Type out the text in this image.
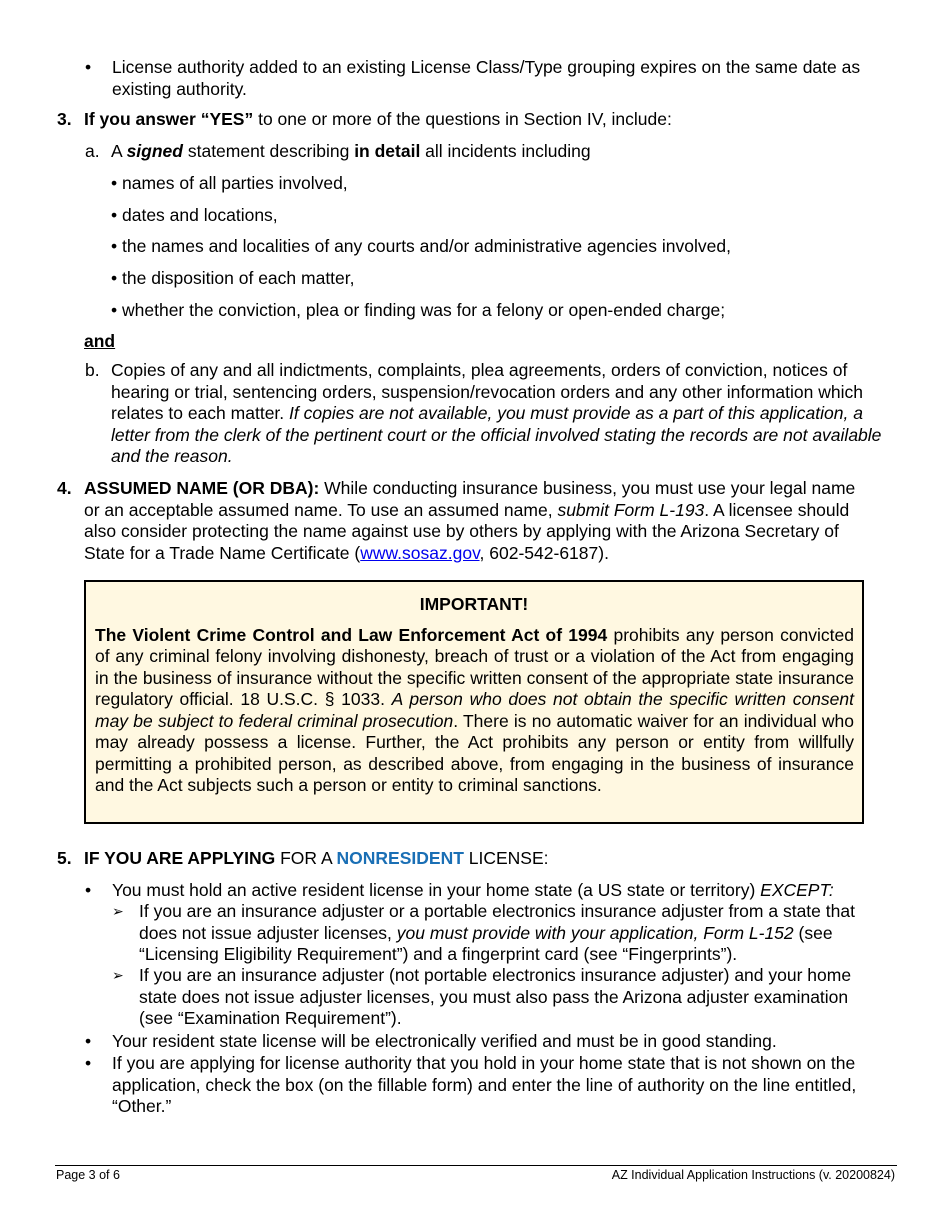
• License authority added to an existing License Class/Type grouping expires on the same date as existing authority.
3. If you answer “YES” to one or more of the questions in Section IV, include:
a. A signed statement describing in detail all incidents including
• names of all parties involved,
• dates and locations,
• the names and localities of any courts and/or administrative agencies involved,
• the disposition of each matter,
• whether the conviction, plea or finding was for a felony or open-ended charge;
and
b. Copies of any and all indictments, complaints, plea agreements, orders of conviction, notices of hearing or trial, sentencing orders, suspension/revocation orders and any other information which relates to each matter. If copies are not available, you must provide as a part of this application, a letter from the clerk of the pertinent court or the official involved stating the records are not available and the reason.
4. ASSUMED NAME (OR DBA): While conducting insurance business, you must use your legal name or an acceptable assumed name. To use an assumed name, submit Form L-193. A licensee should also consider protecting the name against use by others by applying with the Arizona Secretary of State for a Trade Name Certificate (www.sosaz.gov, 602-542-6187).
IMPORTANT!
The Violent Crime Control and Law Enforcement Act of 1994 prohibits any person convicted of any criminal felony involving dishonesty, breach of trust or a violation of the Act from engaging in the business of insurance without the specific written consent of the appropriate state insurance regulatory official. 18 U.S.C. § 1033. A person who does not obtain the specific written consent may be subject to federal criminal prosecution. There is no automatic waiver for an individual who may already possess a license. Further, the Act prohibits any person or entity from willfully permitting a prohibited person, as described above, from engaging in the business of insurance and the Act subjects such a person or entity to criminal sanctions.
5. IF YOU ARE APPLYING FOR A NONRESIDENT LICENSE:
• You must hold an active resident license in your home state (a US state or territory) EXCEPT:
➢ If you are an insurance adjuster or a portable electronics insurance adjuster from a state that does not issue adjuster licenses, you must provide with your application, Form L-152 (see “Licensing Eligibility Requirement”) and a fingerprint card (see “Fingerprints”).
➢ If you are an insurance adjuster (not portable electronics insurance adjuster) and your home state does not issue adjuster licenses, you must also pass the Arizona adjuster examination (see “Examination Requirement”).
• Your resident state license will be electronically verified and must be in good standing.
• If you are applying for license authority that you hold in your home state that is not shown on the application, check the box (on the fillable form) and enter the line of authority on the line entitled, “Other.”
Page 3 of 6	AZ Individual Application Instructions (v. 20200824)
